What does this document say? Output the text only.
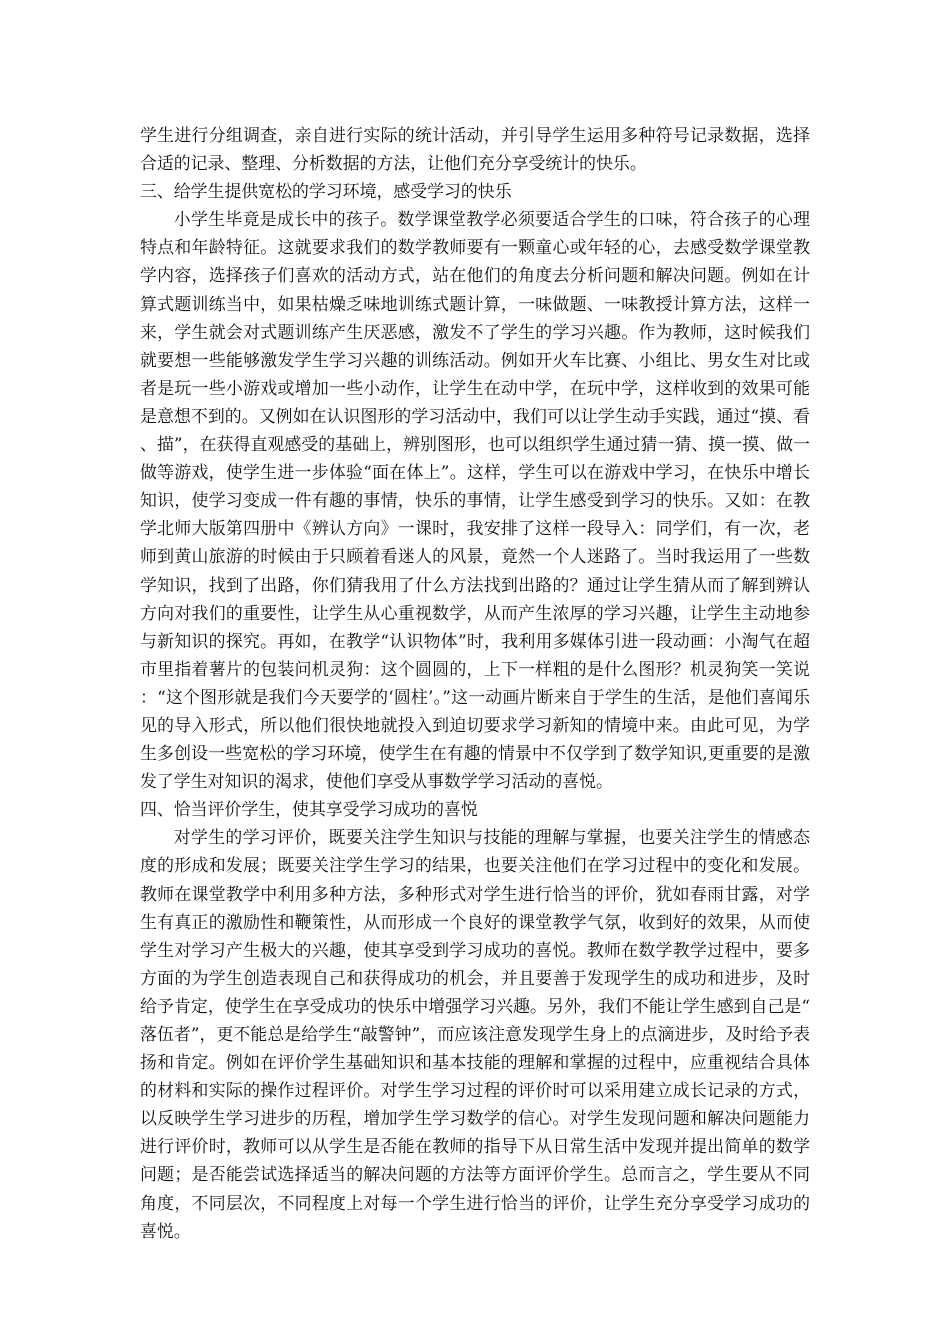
学生进行分组调查，亲自进行实际的统计活动，并引导学生运用多种符号记录数据，选择合适的记录、整理、分析数据的方法，让他们充分享受统计的快乐。

三、给学生提供宽松的学习环境，感受学习的快乐

小学生毕竟是成长中的孩子。数学课堂教学必须要适合学生的口味，符合孩子的心理特点和年龄特征。这就要求我们的数学教师要有一颗童心或年轻的心，去感受数学课堂教学内容，选择孩子们喜欢的活动方式，站在他们的角度去分析问题和解决问题。例如在计算式题训练当中，如果枯燥乏味地训练式题计算，一味做题、一味教授计算方法，这样一来，学生就会对式题训练产生厌恶感，激发不了学生的学习兴趣。作为教师，这时候我们就要想一些能够激发学生学习兴趣的训练活动。例如开火车比赛、小组比、男女生对比或者是玩一些小游戏或增加一些小动作，让学生在动中学，在玩中学，这样收到的效果可能是意想不到的。又例如在认识图形的学习活动中，我们可以让学生动手实践，通过“摸、看、描”，在获得直观感受的基础上，辨别图形，也可以组织学生通过猜一猜、摸一摸、做一做等游戏，使学生进一步体验“面在体上”。这样，学生可以在游戏中学习，在快乐中增长知识，使学习变成一件有趣的事情，快乐的事情，让学生感受到学习的快乐。又如：在教学北师大版第四册中《辨认方向》一课时，我安排了这样一段导入：同学们，有一次，老师到黄山旅游的时候由于只顾着看迷人的风景，竟然一个人迷路了。当时我运用了一些数学知识，找到了出路，你们猜我用了什么方法找到出路的？通过让学生猜从而了解到辨认方向对我们的重要性，让学生从心重视数学，从而产生浓厚的学习兴趣，让学生主动地参与新知识的探究。再如，在教学“认识物体”时，我利用多媒体引进一段动画：小淘气在超市里指着薯片的包装问机灵狗：这个圆圆的，上下一样粗的是什么图形？机灵狗笑一笑说：“这个图形就是我们今天要学的‘圆柱’。”这一动画片断来自于学生的生活，是他们喜闻乐见的导入形式，所以他们很快地就投入到迫切要求学习新知的情境中来。由此可见，为学生多创设一些宽松的学习环境，使学生在有趣的情景中不仅学到了数学知识,更重要的是激发了学生对知识的渴求，使他们享受从事数学学习活动的喜悦。

四、恰当评价学生，使其享受学习成功的喜悦

对学生的学习评价，既要关注学生知识与技能的理解与掌握，也要关注学生的情感态度的形成和发展；既要关注学生学习的结果，也要关注他们在学习过程中的变化和发展。教师在课堂教学中利用多种方法，多种形式对学生进行恰当的评价，犹如春雨甘露，对学生有真正的激励性和鞭策性，从而形成一个良好的课堂教学气氛，收到好的效果，从而使学生对学习产生极大的兴趣，使其享受到学习成功的喜悦。教师在数学教学过程中，要多方面的为学生创造表现自己和获得成功的机会，并且要善于发现学生的成功和进步，及时给予肯定，使学生在享受成功的快乐中增强学习兴趣。另外，我们不能让学生感到自己是“落伍者”，更不能总是给学生“敲警钟”，而应该注意发现学生身上的点滴进步，及时给予表扬和肯定。例如在评价学生基础知识和基本技能的理解和掌握的过程中，应重视结合具体的材料和实际的操作过程评价。对学生学习过程的评价时可以采用建立成长记录的方式，以反映学生学习进步的历程，增加学生学习数学的信心。对学生发现问题和解决问题能力进行评价时，教师可以从学生是否能在教师的指导下从日常生活中发现并提出简单的数学问题；是否能尝试选择适当的解决问题的方法等方面评价学生。总而言之，学生要从不同角度，不同层次，不同程度上对每一个学生进行恰当的评价，让学生充分享受学习成功的喜悦。
